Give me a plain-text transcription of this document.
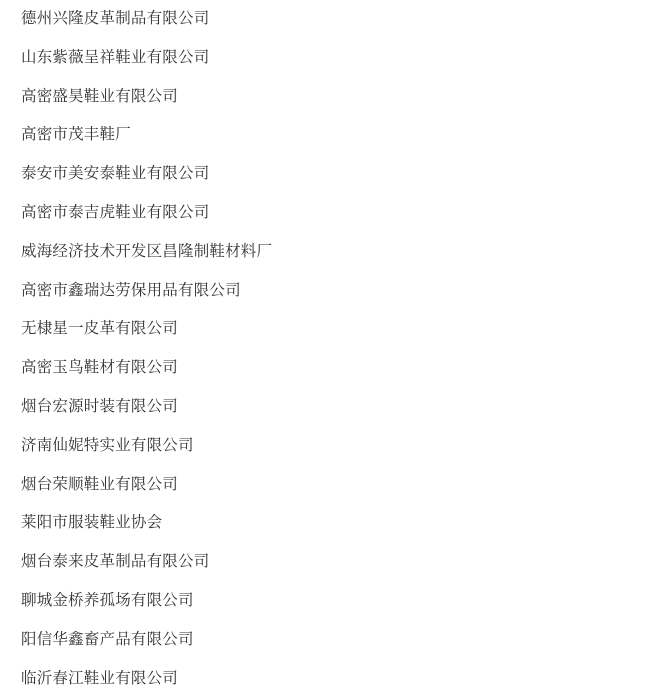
德州兴隆皮革制品有限公司
山东紫薇呈祥鞋业有限公司
高密盛昊鞋业有限公司
高密市茂丰鞋厂
泰安市美安泰鞋业有限公司
高密市泰吉虎鞋业有限公司
威海经济技术开发区昌隆制鞋材料厂
高密市鑫瑞达劳保用品有限公司
无棣星一皮革有限公司
高密玉鸟鞋材有限公司
烟台宏源时装有限公司
济南仙妮特实业有限公司
烟台荣顺鞋业有限公司
莱阳市服装鞋业协会
烟台泰来皮革制品有限公司
聊城金桥养孤场有限公司
阳信华鑫畜产品有限公司
临沂春江鞋业有限公司
